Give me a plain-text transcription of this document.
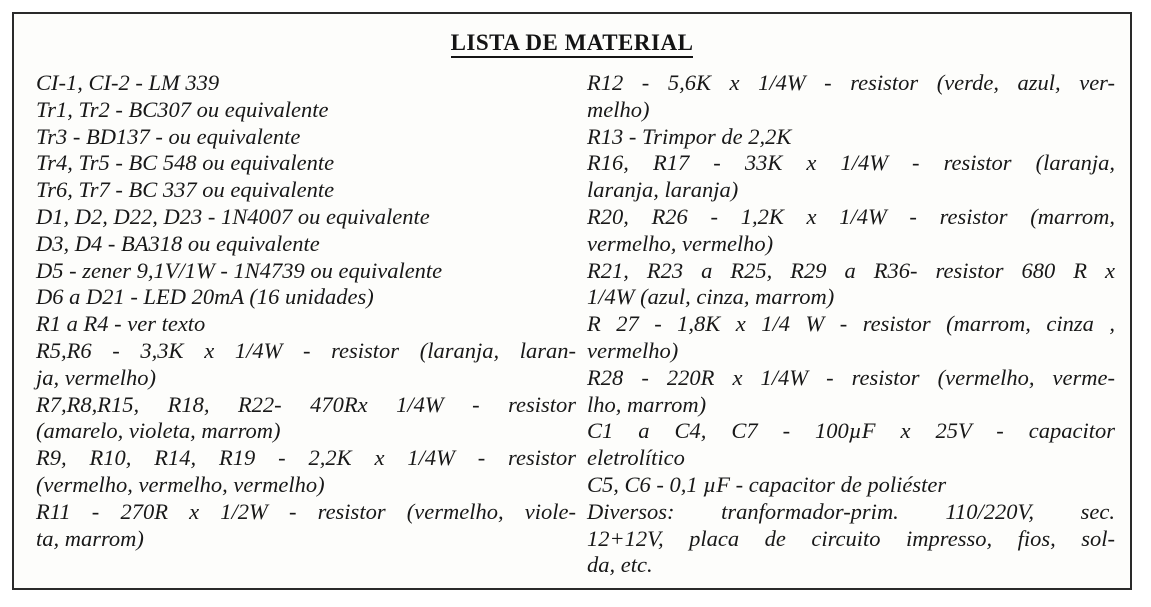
LISTA DE MATERIAL
CI-1, CI-2 - LM 339
Tr1, Tr2 - BC307 ou equivalente
Tr3 - BD137 - ou equivalente
Tr4, Tr5 - BC 548 ou equivalente
Tr6, Tr7 - BC 337 ou equivalente
D1, D2, D22, D23 - 1N4007 ou equivalente
D3, D4 - BA318 ou equivalente
D5 - zener 9,1V/1W - 1N4739 ou equivalente
D6 a D21 - LED 20mA (16 unidades)
R1 a R4 - ver texto
R5,R6 - 3,3K x 1/4W - resistor (laranja, laran-
ja, vermelho)
R7,R8,R15, R18, R22- 470Rx 1/4W - resistor
(amarelo, violeta, marrom)
R9, R10, R14, R19 - 2,2K x 1/4W - resistor
(vermelho, vermelho, vermelho)
R11 - 270R x 1/2W - resistor (vermelho, viole-
ta, marrom)
R12 - 5,6K x 1/4W - resistor (verde, azul, ver-
melho)
R13 - Trimpor de 2,2K
R16, R17 - 33K x 1/4W - resistor (laranja,
laranja, laranja)
R20, R26 - 1,2K x 1/4W - resistor (marrom,
vermelho, vermelho)
R21, R23 a R25, R29 a R36- resistor 680 R x
1/4W (azul, cinza, marrom)
R 27 - 1,8K x 1/4 W - resistor (marrom, cinza ,
vermelho)
R28 - 220R x 1/4W - resistor (vermelho, verme-
lho, marrom)
C1 a C4, C7 - 100µF x 25V - capacitor
eletrolítico
C5, C6 - 0,1 µF - capacitor de poliéster
Diversos: tranformador-prim. 110/220V, sec.
12+12V, placa de circuito impresso, fios, sol-
da, etc.
